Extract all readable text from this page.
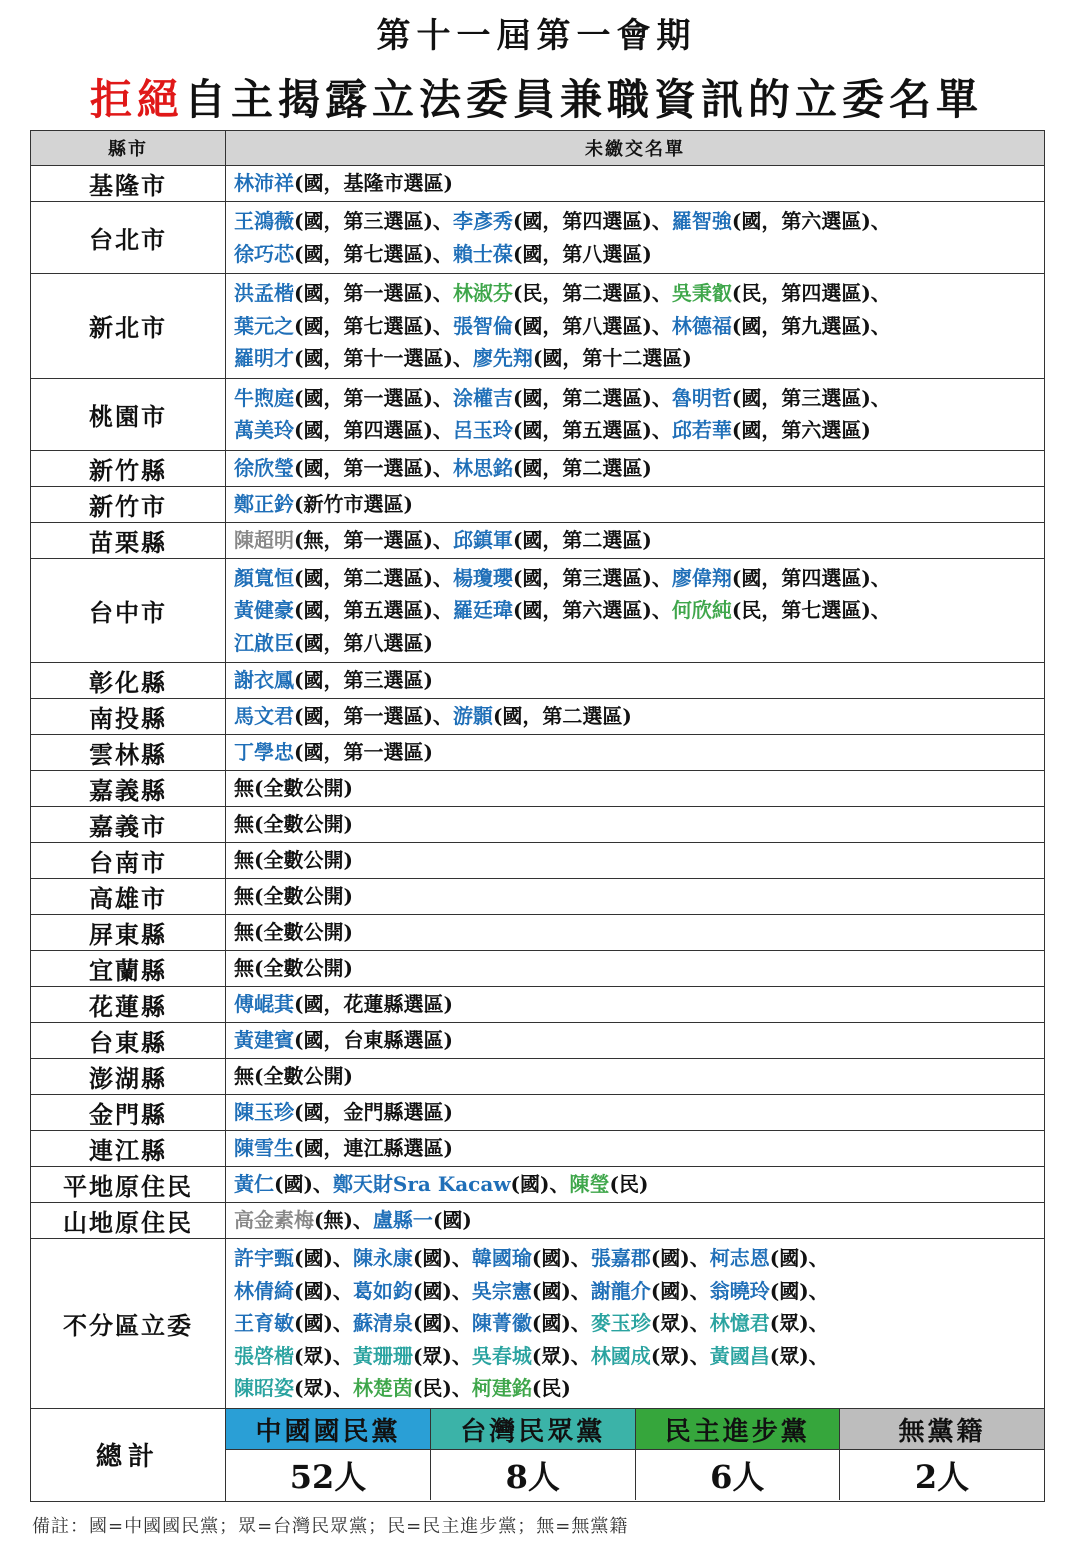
第十一屆第一會期
拒絕自主揭露立法委員兼職資訊的立委名單
縣市	未繳交名單
基隆市	林沛祥(國，基隆市選區)

台北市	
王鴻薇(國，第三選區)、李彥秀(國，第四選區)、羅智強(國，第六選區)、
徐巧芯(國，第七選區)、賴士葆(國，第八選區)

新北市	
洪孟楷(國，第一選區)、林淑芬(民，第二選區)、吳秉叡(民，第四選區)、
葉元之(國，第七選區)、張智倫(國，第八選區)、林德福(國，第九選區)、
羅明才(國，第十一選區)、廖先翔(國，第十二選區)

桃園市	
牛煦庭(國，第一選區)、涂權吉(國，第二選區)、魯明哲(國，第三選區)、
萬美玲(國，第四選區)、呂玉玲(國，第五選區)、邱若華(國，第六選區)

新竹縣	徐欣瑩(國，第一選區)、林思銘(國，第二選區)

新竹市	鄭正鈐(新竹市選區)

苗栗縣	陳超明(無，第一選區)、邱鎮軍(國，第二選區)

台中市	
顏寬恒(國，第二選區)、楊瓊瓔(國，第三選區)、廖偉翔(國，第四選區)、
黃健豪(國，第五選區)、羅廷瑋(國，第六選區)、何欣純(民，第七選區)、
江啟臣(國，第八選區)

彰化縣	謝衣鳳(國，第三選區)

南投縣	馬文君(國，第一選區)、游顥(國，第二選區)

雲林縣	丁學忠(國，第一選區)

嘉義縣	無(全數公開)

嘉義市	無(全數公開)

台南市	無(全數公開)

高雄市	無(全數公開)

屏東縣	無(全數公開)

宜蘭縣	無(全數公開)

花蓮縣	傅崐萁(國，花蓮縣選區)

台東縣	黃建賓(國，台東縣選區)

澎湖縣	無(全數公開)

金門縣	陳玉珍(國，金門縣選區)

連江縣	陳雪生(國，連江縣選區)

平地原住民	黃仁(國)、鄭天財Sra Kacaw(國)、陳瑩(民)

山地原住民	高金素梅(無)、盧縣一(國)

不分區立委	
許宇甄(國)、陳永康(國)、韓國瑜(國)、張嘉郡(國)、柯志恩(國)、
林倩綺(國)、葛如鈞(國)、吳宗憲(國)、謝龍介(國)、翁曉玲(國)、
王育敏(國)、蘇清泉(國)、陳菁徽(國)、麥玉珍(眾)、林憶君(眾)、
張啓楷(眾)、黃珊珊(眾)、吳春城(眾)、林國成(眾)、黃國昌(眾)、
陳昭姿(眾)、林楚茵(民)、柯建銘(民)

總計	
中國國民黨	台灣民眾黨	民主進步黨	無黨籍
52人	8人	6人	2人
備註：國=中國國民黨；眾=台灣民眾黨；民=民主進步黨；無=無黨籍
